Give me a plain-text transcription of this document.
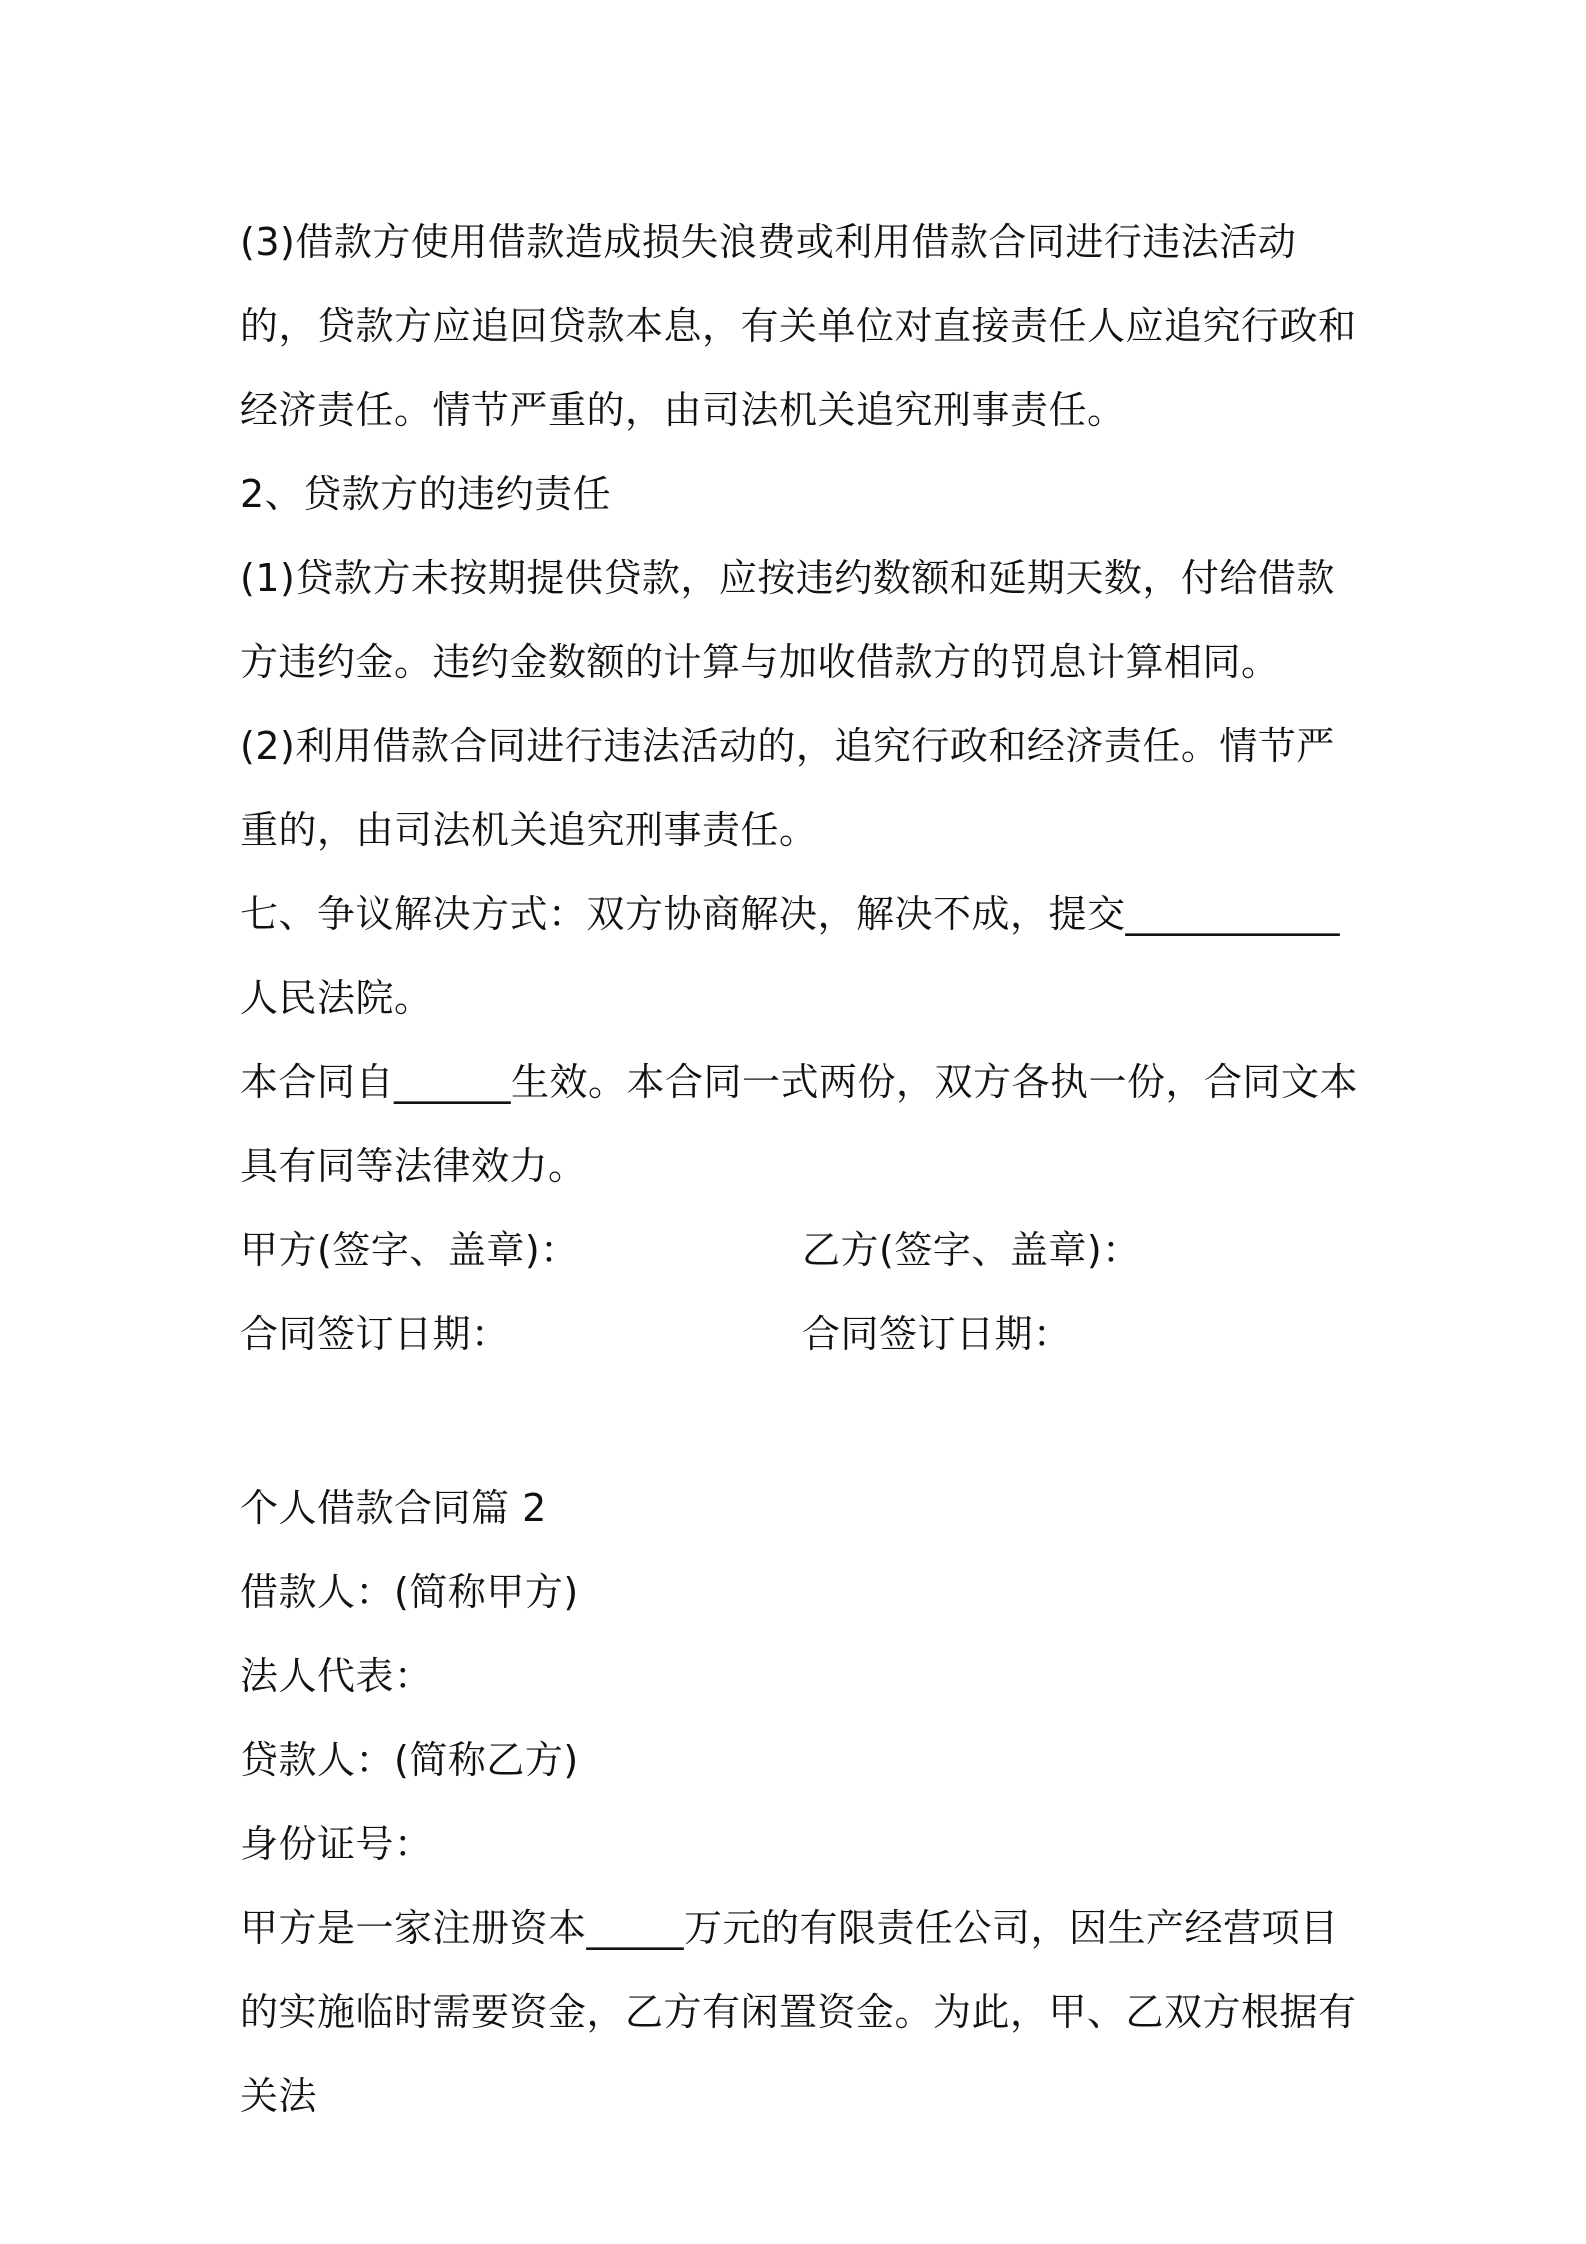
(3)借款方使用借款造成损失浪费或利用借款合同进行违法活动的，贷款方应追回贷款本息，有关单位对直接责任人应追究行政和经济责任。情节严重的，由司法机关追究刑事责任。

2、贷款方的违约责任

(1)贷款方未按期提供贷款，应按违约数额和延期天数，付给借款方违约金。违约金数额的计算与加收借款方的罚息计算相同。

(2)利用借款合同进行违法活动的，追究行政和经济责任。情节严重的，由司法机关追究刑事责任。

七、争议解决方式：双方协商解决，解决不成，提交___________人民法院。

本合同自______生效。本合同一式两份，双方各执一份，合同文本具有同等法律效力。

甲方(签字、盖章)：	乙方(签字、盖章)：
合同签订日期：	合同签订日期：

个人借款合同篇 2

借款人：(简称甲方)

法人代表：

贷款人：(简称乙方)

身份证号：

甲方是一家注册资本_____万元的有限责任公司，因生产经营项目的实施临时需要资金，乙方有闲置资金。为此，甲、乙双方根据有关法
